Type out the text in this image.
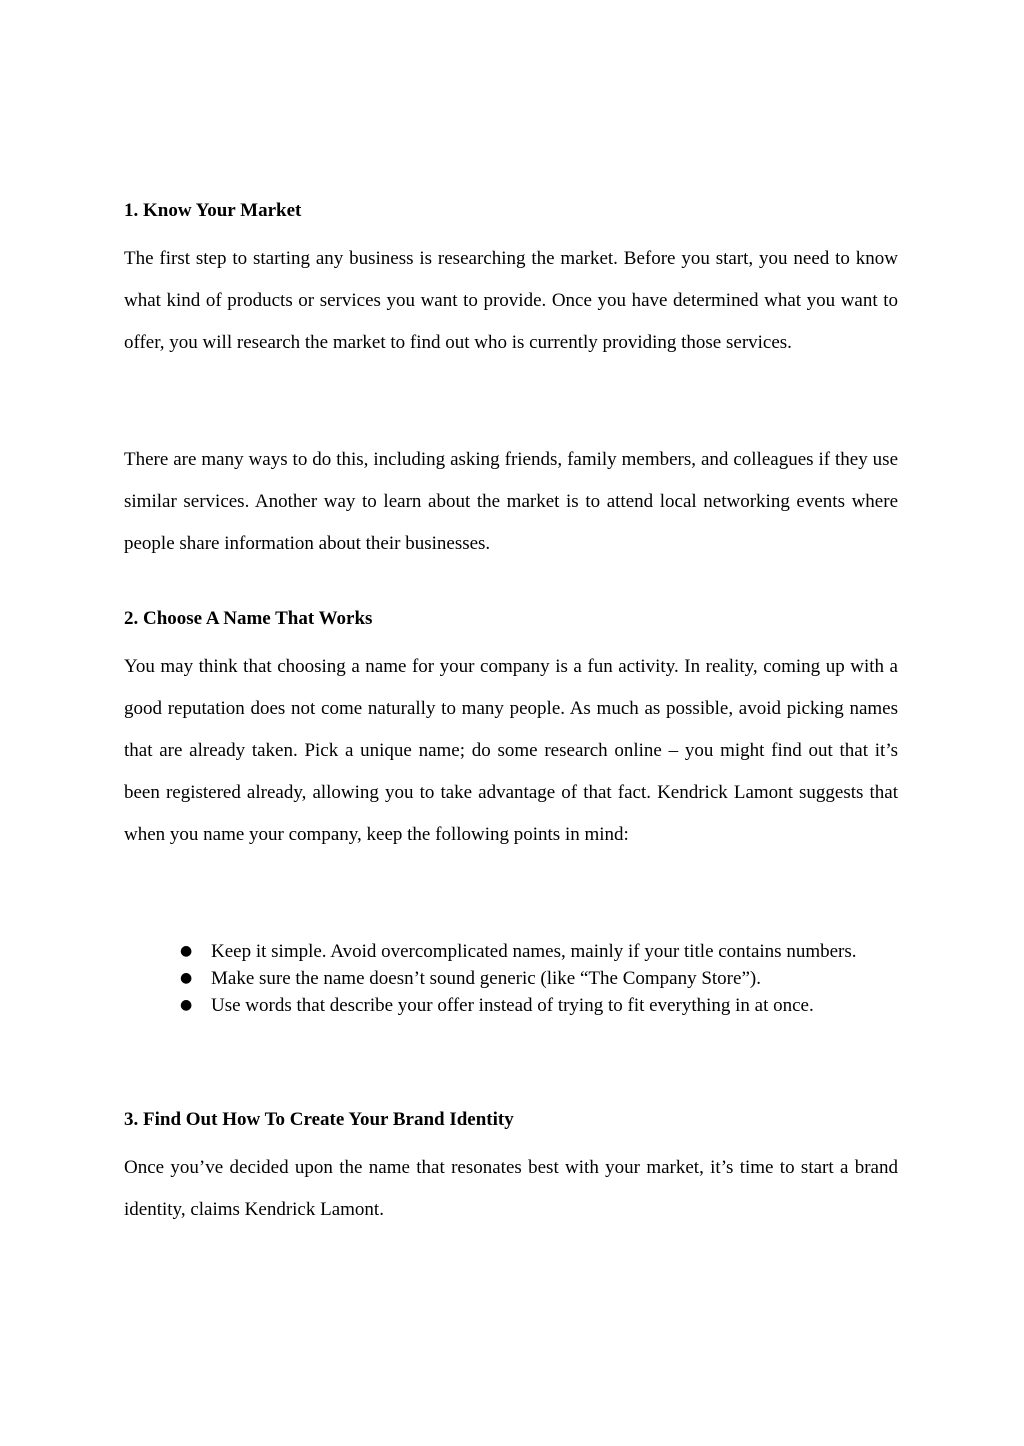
1. Know Your Market

The first step to starting any business is researching the market. Before you start, you need to know what kind of products or services you want to provide. Once you have determined what you want to offer, you will research the market to find out who is currently providing those services.

There are many ways to do this, including asking friends, family members, and colleagues if they use similar services. Another way to learn about the market is to attend local networking events where people share information about their businesses.

2. Choose A Name That Works

You may think that choosing a name for your company is a fun activity. In reality, coming up with a good reputation does not come naturally to many people. As much as possible, avoid picking names that are already taken. Pick a unique name; do some research online – you might find out that it’s been registered already, allowing you to take advantage of that fact. Kendrick Lamont suggests that when you name your company, keep the following points in mind:

● Keep it simple. Avoid overcomplicated names, mainly if your title contains numbers.
● Make sure the name doesn’t sound generic (like “The Company Store”).
● Use words that describe your offer instead of trying to fit everything in at once.
3. Find Out How To Create Your Brand Identity

Once you’ve decided upon the name that resonates best with your market, it’s time to start a brand identity, claims Kendrick Lamont.
